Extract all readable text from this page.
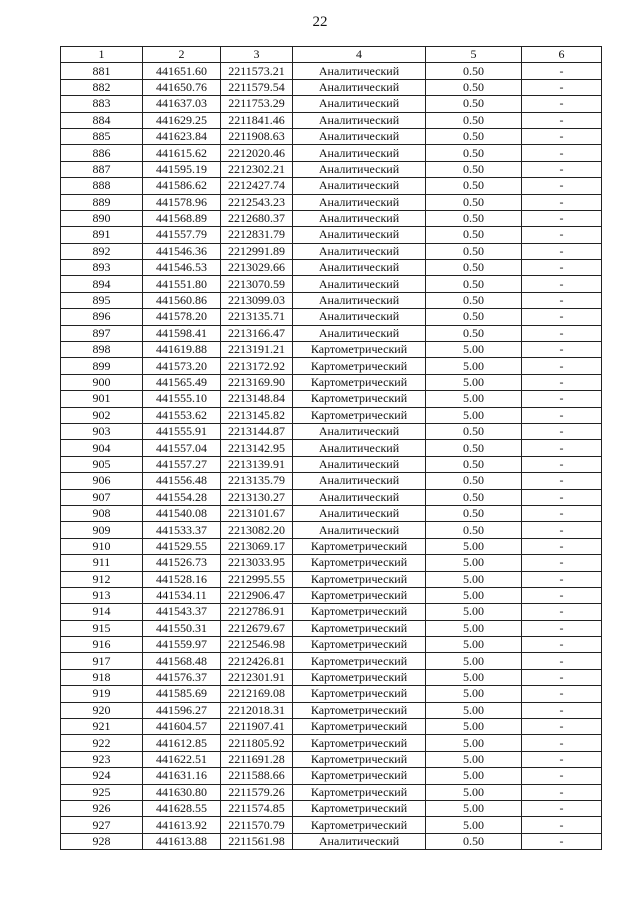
22
1	2	3	4	5	6
881	441651.60	2211573.21	Аналитический	0.50	-
882	441650.76	2211579.54	Аналитический	0.50	-
883	441637.03	2211753.29	Аналитический	0.50	-
884	441629.25	2211841.46	Аналитический	0.50	-
885	441623.84	2211908.63	Аналитический	0.50	-
886	441615.62	2212020.46	Аналитический	0.50	-
887	441595.19	2212302.21	Аналитический	0.50	-
888	441586.62	2212427.74	Аналитический	0.50	-
889	441578.96	2212543.23	Аналитический	0.50	-
890	441568.89	2212680.37	Аналитический	0.50	-
891	441557.79	2212831.79	Аналитический	0.50	-
892	441546.36	2212991.89	Аналитический	0.50	-
893	441546.53	2213029.66	Аналитический	0.50	-
894	441551.80	2213070.59	Аналитический	0.50	-
895	441560.86	2213099.03	Аналитический	0.50	-
896	441578.20	2213135.71	Аналитический	0.50	-
897	441598.41	2213166.47	Аналитический	0.50	-
898	441619.88	2213191.21	Картометрический	5.00	-
899	441573.20	2213172.92	Картометрический	5.00	-
900	441565.49	2213169.90	Картометрический	5.00	-
901	441555.10	2213148.84	Картометрический	5.00	-
902	441553.62	2213145.82	Картометрический	5.00	-
903	441555.91	2213144.87	Аналитический	0.50	-
904	441557.04	2213142.95	Аналитический	0.50	-
905	441557.27	2213139.91	Аналитический	0.50	-
906	441556.48	2213135.79	Аналитический	0.50	-
907	441554.28	2213130.27	Аналитический	0.50	-
908	441540.08	2213101.67	Аналитический	0.50	-
909	441533.37	2213082.20	Аналитический	0.50	-
910	441529.55	2213069.17	Картометрический	5.00	-
911	441526.73	2213033.95	Картометрический	5.00	-
912	441528.16	2212995.55	Картометрический	5.00	-
913	441534.11	2212906.47	Картометрический	5.00	-
914	441543.37	2212786.91	Картометрический	5.00	-
915	441550.31	2212679.67	Картометрический	5.00	-
916	441559.97	2212546.98	Картометрический	5.00	-
917	441568.48	2212426.81	Картометрический	5.00	-
918	441576.37	2212301.91	Картометрический	5.00	-
919	441585.69	2212169.08	Картометрический	5.00	-
920	441596.27	2212018.31	Картометрический	5.00	-
921	441604.57	2211907.41	Картометрический	5.00	-
922	441612.85	2211805.92	Картометрический	5.00	-
923	441622.51	2211691.28	Картометрический	5.00	-
924	441631.16	2211588.66	Картометрический	5.00	-
925	441630.80	2211579.26	Картометрический	5.00	-
926	441628.55	2211574.85	Картометрический	5.00	-
927	441613.92	2211570.79	Картометрический	5.00	-
928	441613.88	2211561.98	Аналитический	0.50	-
